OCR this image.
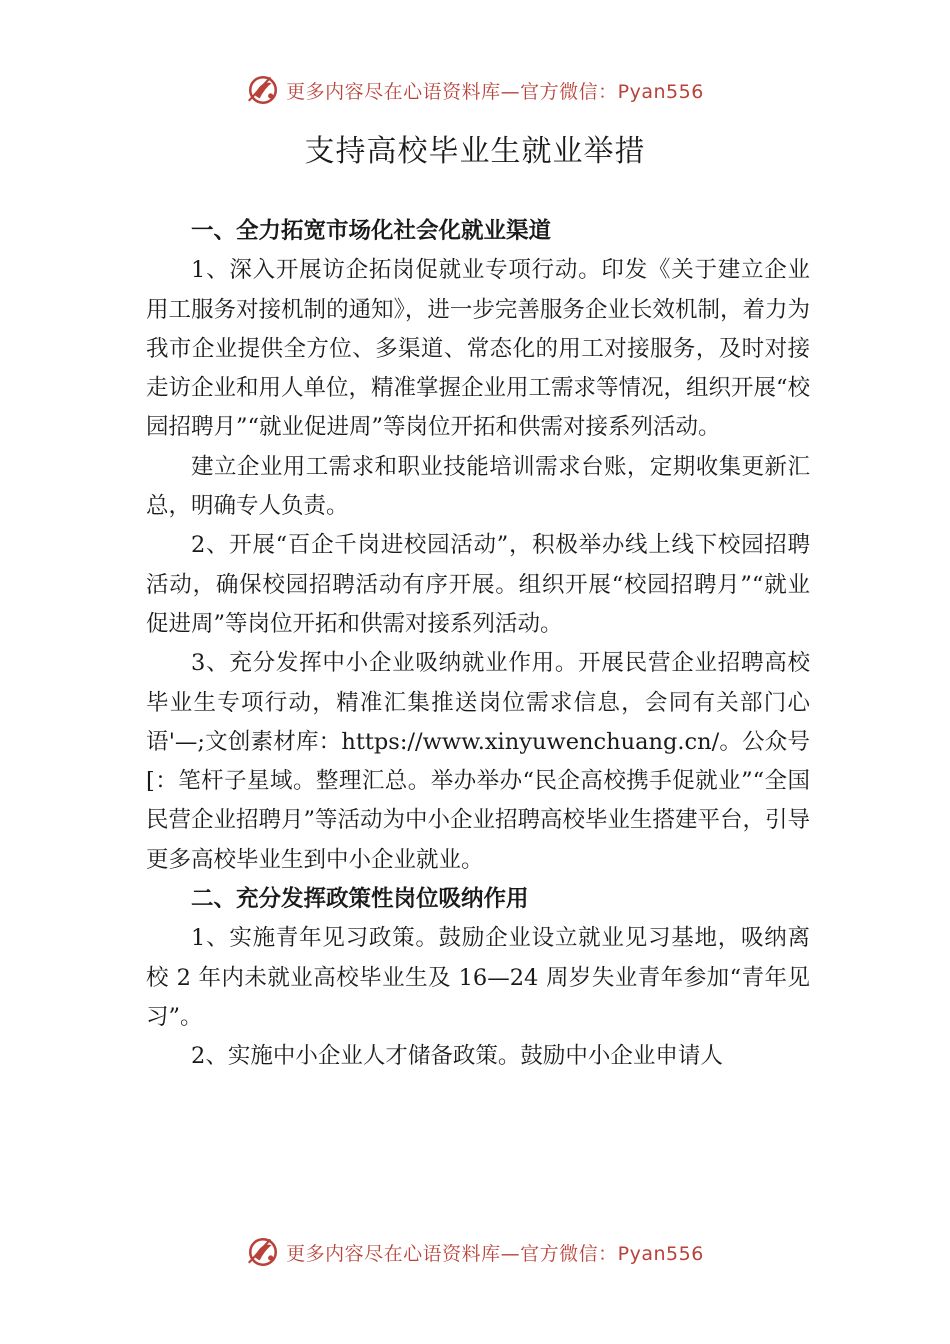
更多内容尽在心语资料库—官方微信：Pyan556
支持高校毕业生就业举措
一、全力拓宽市场化社会化就业渠道

1、深入开展访企拓岗促就业专项行动。印发《关于建立企业用工服务对接机制的通知》，进一步完善服务企业长效机制，着力为我市企业提供全方位、多渠道、常态化的用工对接服务，及时对接走访企业和用人单位，精准掌握企业用工需求等情况，组织开展“校园招聘月”“就业促进周”等岗位开拓和供需对接系列活动。

建立企业用工需求和职业技能培训需求台账，定期收集更新汇总，明确专人负责。

2、开展“百企千岗进校园活动”，积极举办线上线下校园招聘活动，确保校园招聘活动有序开展。组织开展“校园招聘月”“就业促进周”等岗位开拓和供需对接系列活动。

3、充分发挥中小企业吸纳就业作用。开展民营企业招聘高校毕业生专项行动，精准汇集推送岗位需求信息，会同有关部门心语'—;文创素材库：https://www.xinyuwenchuang.cn/。公众号[：笔杆子星域。整理汇总。举办举办“民企高校携手促就业”“全国民营企业招聘月”等活动为中小企业招聘高校毕业生搭建平台，引导更多高校毕业生到中小企业就业。

二、充分发挥政策性岗位吸纳作用

1、实施青年见习政策。鼓励企业设立就业见习基地，吸纳离校 2 年内未就业高校毕业生及 16—24 周岁失业青年参加“青年见习”。

2、实施中小企业人才储备政策。鼓励中小企业申请人

更多内容尽在心语资料库—官方微信：Pyan556
